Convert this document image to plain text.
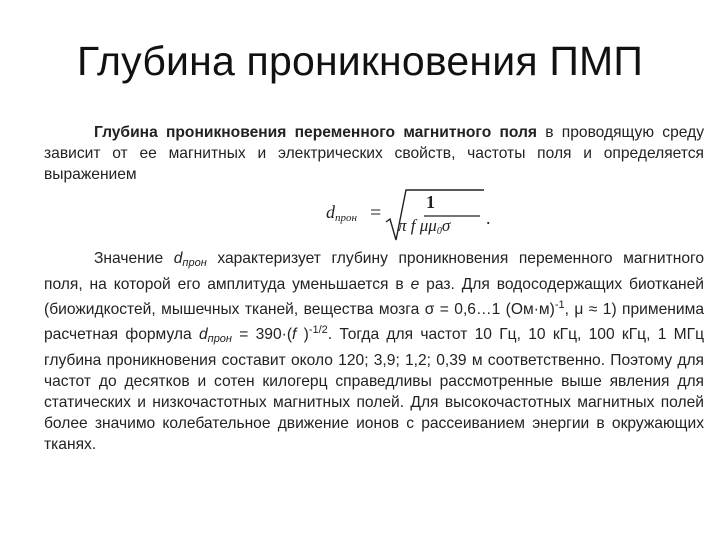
Глубина проникновения ПМП
Глубина проникновения переменного магнитного поля в проводящую среду зависит от ее магнитных и электрических свойств, частоты поля и определяется выражением
$d_{прон} = 1$
π f $\mu\mu_0\sigma$ .
Значение $d_{прон}$ характеризует глубину проникновения переменного магнитного поля, на которой его амплитуда уменьшается в e раз. Для водосодержащих биотканей (биожидкостей, мышечных тканей, вещества мозга σ = 0,6…1 $(Ом\cdot м)^{-1}$, μ ≈ 1) применима расчетная формула $d_{прон} = 390\cdot(f$ )$^{-1/2}$. Тогда для частот 10 Гц, 10 кГц, 100 кГц, 1 МГц глубина проникновения составит около 120; 3,9; 1,2; 0,39 м соответственно. Поэтому для частот до десятков и сотен килогерц справедливы рассмотренные выше явления для статических и низкочастотных магнитных полей. Для высокочастотных магнитных полей более значимо колебательное движение ионов с рассеиванием энергии в окружающих тканях.
